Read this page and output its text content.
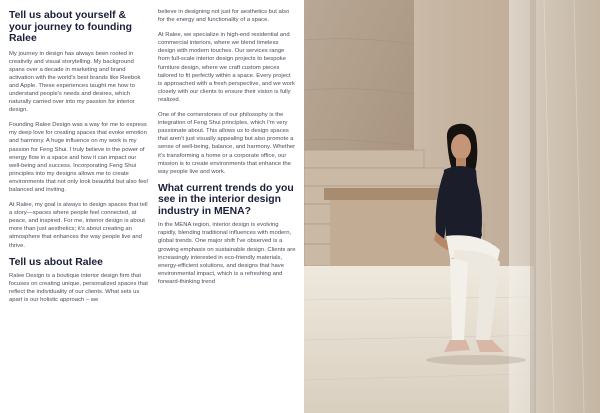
Tell us about yourself & your journey to founding Ralee

My journey in design has always been rooted in creativity and visual storytelling. My background spans over a decade in marketing and brand activation with the world's best brands like Reebok and Apple. These experiences taught me how to understand people's needs and desires, which naturally carried over into my passion for interior design.

Founding Ralee Design was a way for me to express my deep love for creating spaces that evoke emotion and harmony. A huge influence on my work is my passion for Feng Shui. I truly believe in the power of energy flow in a space and how it can impact our well-being and success. Incorporating Feng Shui principles into my designs allows me to create environments that not only look beautiful but also feel balanced and inviting.

At Ralee, my goal is always to design spaces that tell a story—spaces where people feel connected, at peace, and inspired. For me, interior design is about more than just aesthetics; it's about creating an atmosphere that enhances the way people live and thrive.

Tell us about Ralee

Ralee Design is a boutique interior design firm that focuses on creating unique, personalized spaces that reflect the individuality of our clients. What sets us apart is our holistic approach – we

believe in designing not just for aesthetics but also for the energy and functionality of a space.

At Ralee, we specialize in high-end residential and commercial interiors, where we blend timeless design with modern touches. Our services range from full-scale interior design projects to bespoke furniture design, where we craft custom pieces tailored to fit perfectly within a space. Every project is approached with a fresh perspective, and we work closely with our clients to ensure their vision is fully realized.

One of the cornerstones of our philosophy is the integration of Feng Shui principles, which I'm very passionate about. This allows us to design spaces that aren't just visually appealing but also promote a sense of well-being, balance, and harmony. Whether it's transforming a home or a corporate office, our mission is to create environments that enhance the way people live and work.

What current trends do you see in the interior design industry in MENA?

In the MENA region, interior design is evolving rapidly, blending traditional influences with modern, global trends. One major shift I've observed is a growing emphasis on sustainable design. Clients are increasingly interested in eco-friendly materials, energy-efficient solutions, and designs that have environmental impact, which is a refreshing and forward-thinking trend
